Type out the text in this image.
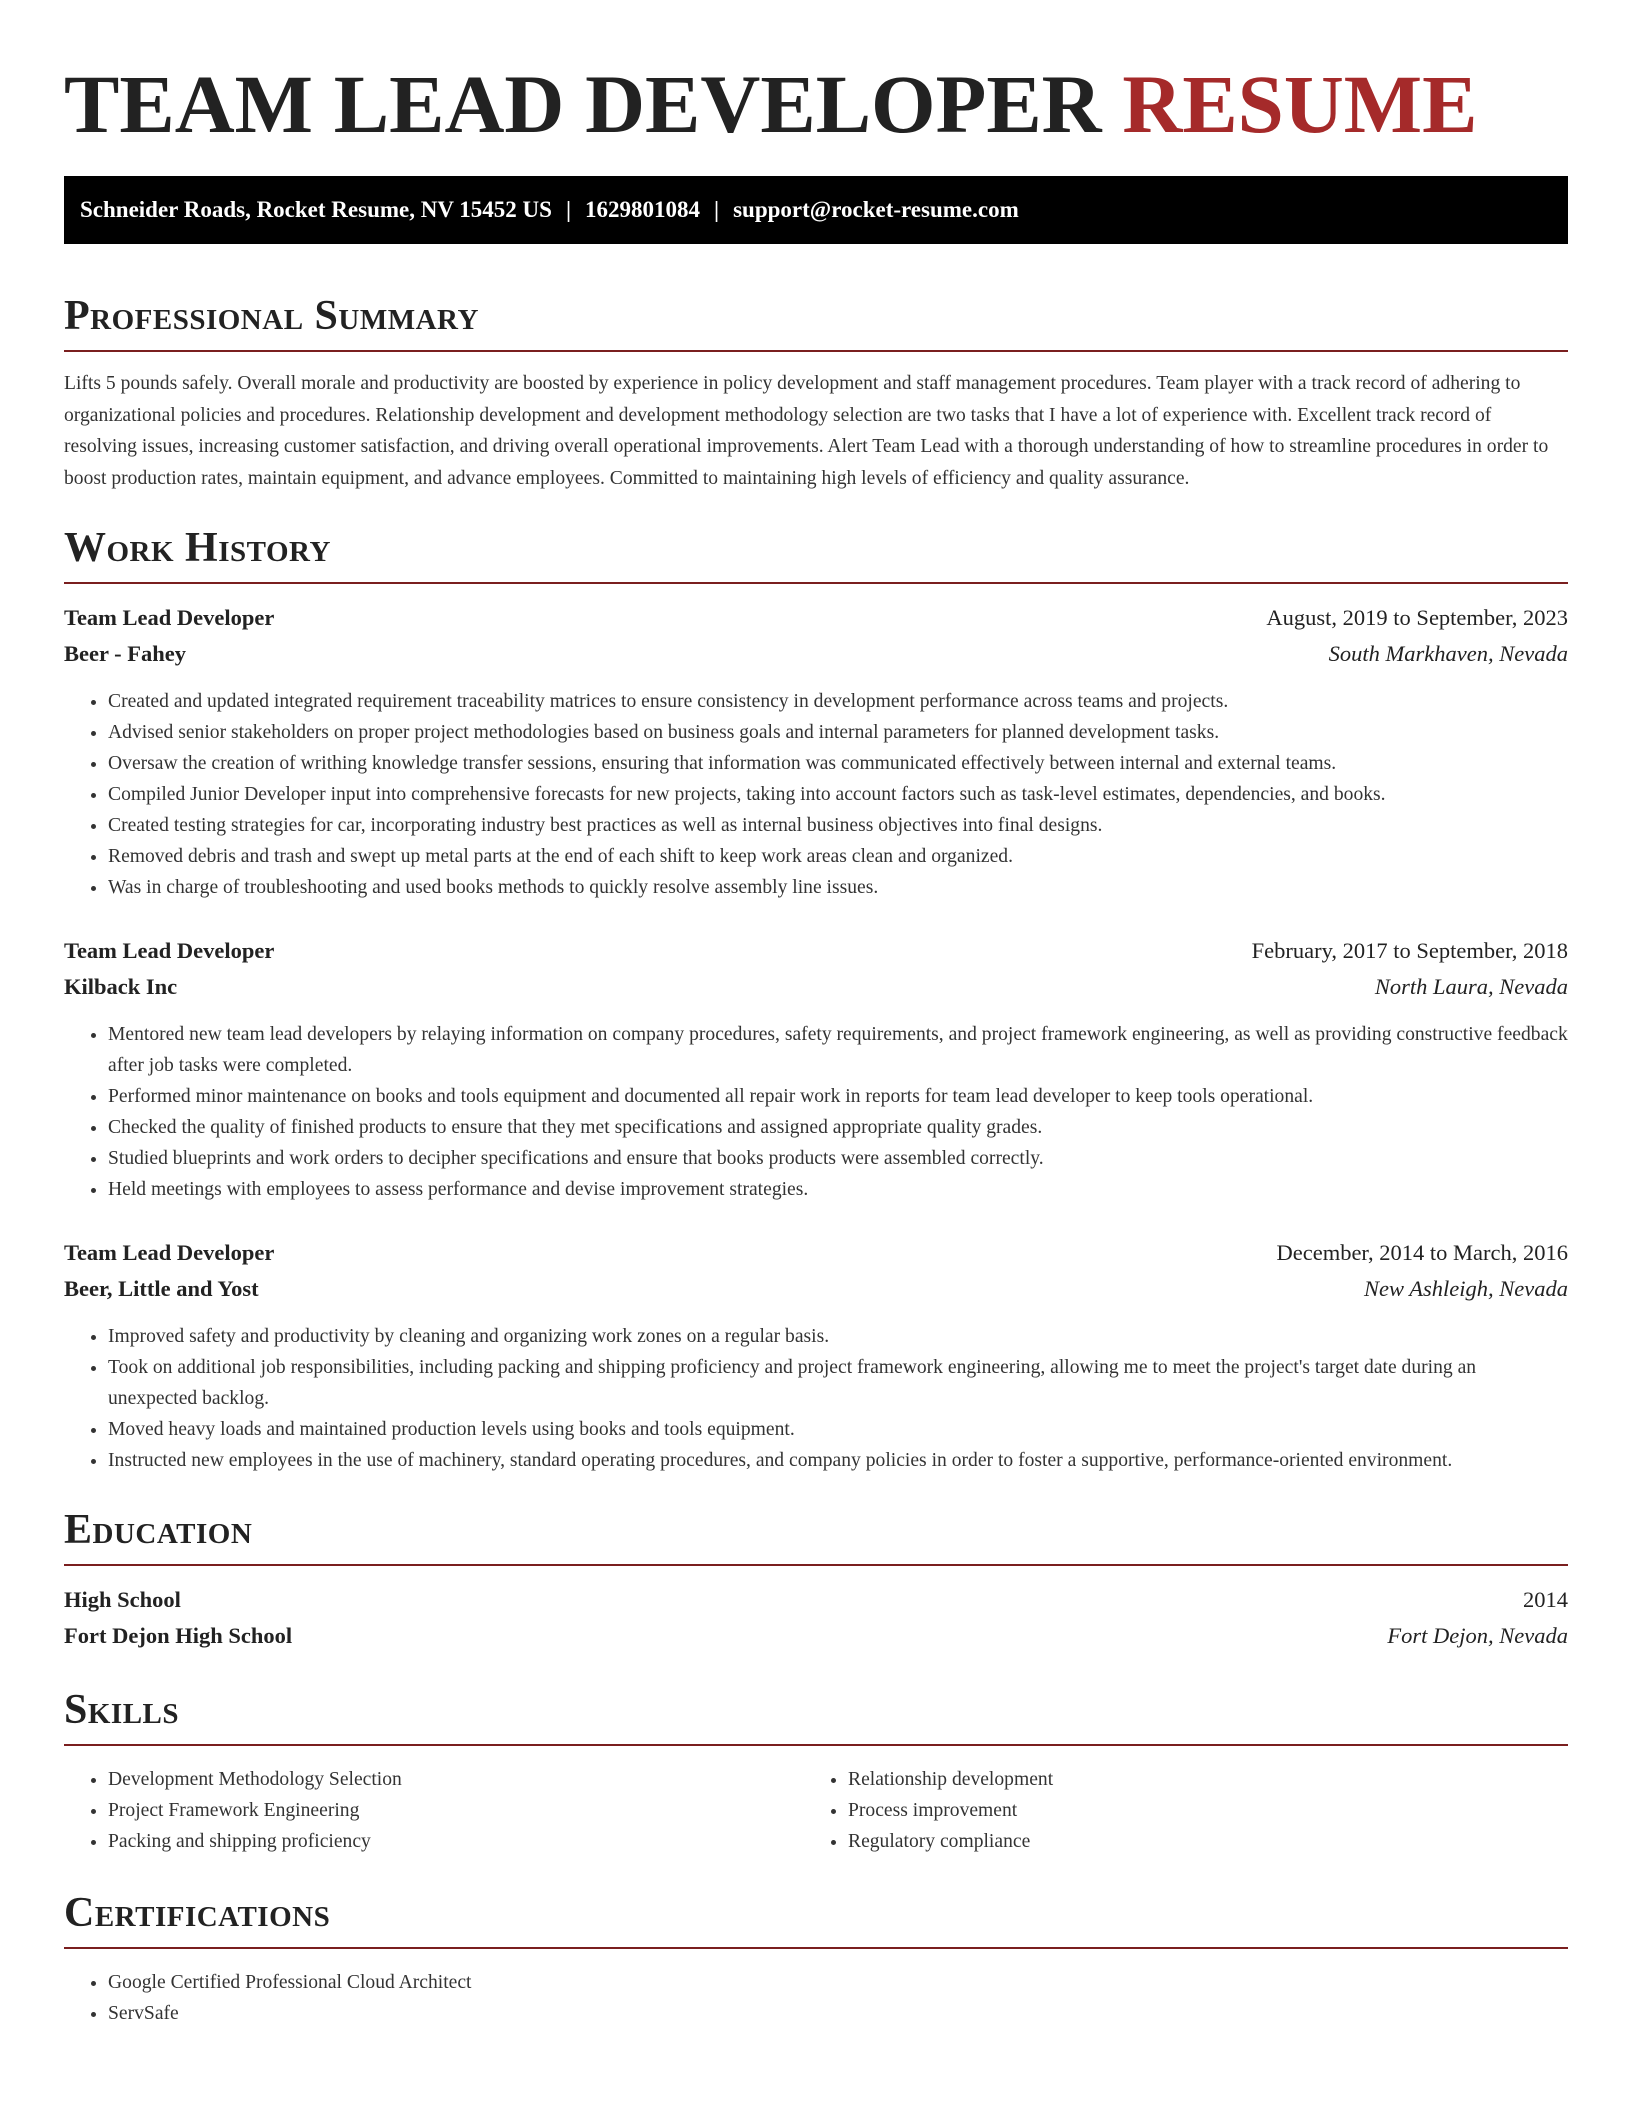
TEAM LEAD DEVELOPER RESUME
Schneider Roads, Rocket Resume, NV 15452 US | 1629801084 | support@rocket-resume.com
Professional Summary

Lifts 5 pounds safely. Overall morale and productivity are boosted by experience in policy development and staff management procedures. Team player with a track record of adhering to organizational policies and procedures. Relationship development and development methodology selection are two tasks that I have a lot of experience with. Excellent track record of resolving issues, increasing customer satisfaction, and driving overall operational improvements. Alert Team Lead with a thorough understanding of how to streamline procedures in order to boost production rates, maintain equipment, and advance employees. Committed to maintaining high levels of efficiency and quality assurance.

Work History
Team Lead Developer	August, 2019 to September, 2023
Beer - Fahey	South Markhaven, Nevada
• Created and updated integrated requirement traceability matrices to ensure consistency in development performance across teams and projects.
• Advised senior stakeholders on proper project methodologies based on business goals and internal parameters for planned development tasks.
• Oversaw the creation of writhing knowledge transfer sessions, ensuring that information was communicated effectively between internal and external teams.
• Compiled Junior Developer input into comprehensive forecasts for new projects, taking into account factors such as task-level estimates, dependencies, and books.
• Created testing strategies for car, incorporating industry best practices as well as internal business objectives into final designs.
• Removed debris and trash and swept up metal parts at the end of each shift to keep work areas clean and organized.
• Was in charge of troubleshooting and used books methods to quickly resolve assembly line issues.
Team Lead Developer	February, 2017 to September, 2018
Kilback Inc	North Laura, Nevada
• Mentored new team lead developers by relaying information on company procedures, safety requirements, and project framework engineering, as well as providing constructive feedback after job tasks were completed.
• Performed minor maintenance on books and tools equipment and documented all repair work in reports for team lead developer to keep tools operational.
• Checked the quality of finished products to ensure that they met specifications and assigned appropriate quality grades.
• Studied blueprints and work orders to decipher specifications and ensure that books products were assembled correctly.
• Held meetings with employees to assess performance and devise improvement strategies.
Team Lead Developer	December, 2014 to March, 2016
Beer, Little and Yost	New Ashleigh, Nevada
• Improved safety and productivity by cleaning and organizing work zones on a regular basis.
• Took on additional job responsibilities, including packing and shipping proficiency and project framework engineering, allowing me to meet the project's target date during an unexpected backlog.
• Moved heavy loads and maintained production levels using books and tools equipment.
• Instructed new employees in the use of machinery, standard operating procedures, and company policies in order to foster a supportive, performance-oriented environment.
Education
High School	2014
Fort Dejon High School	Fort Dejon, Nevada
Skills
• Development Methodology Selection
• Project Framework Engineering
• Packing and shipping proficiency
• Relationship development
• Process improvement
• Regulatory compliance
Certifications
• Google Certified Professional Cloud Architect
• ServSafe
